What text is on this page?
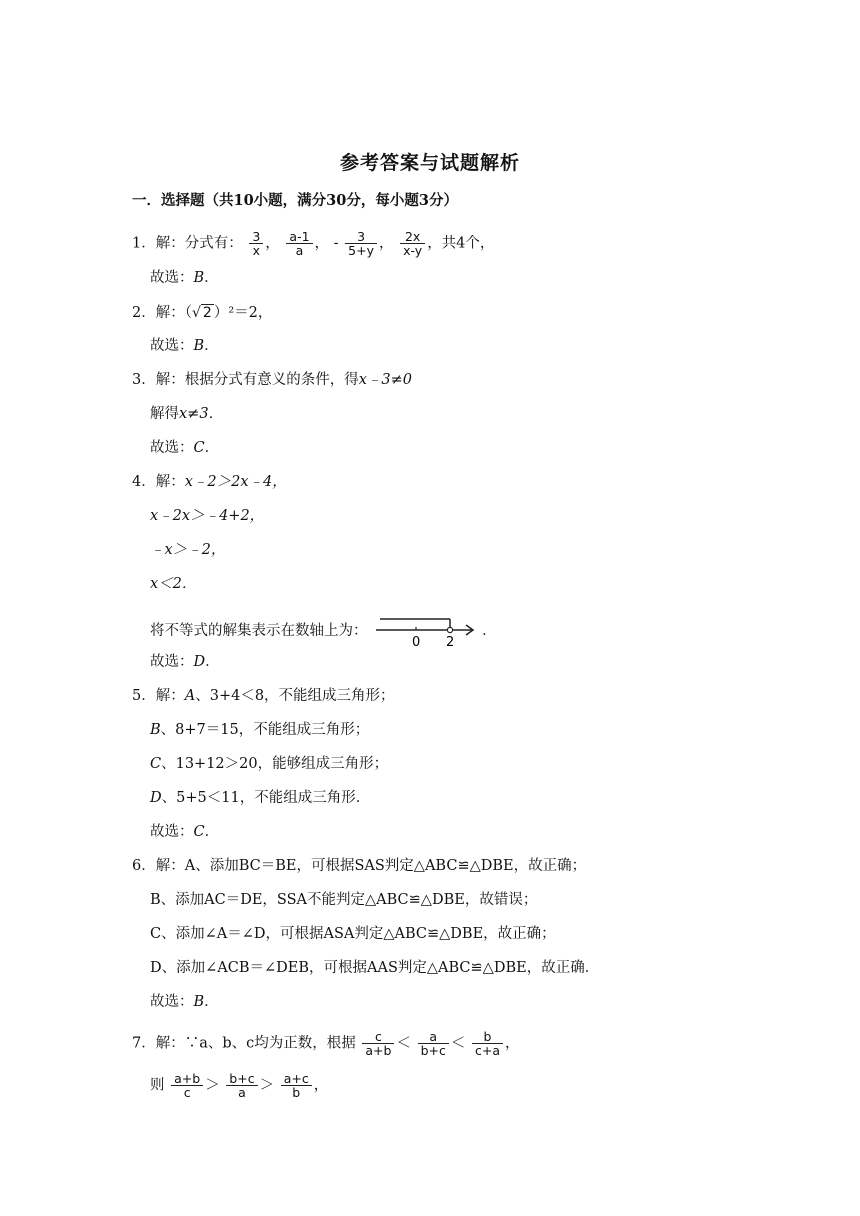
参考答案与试题解析
一．选择题（共10小题，满分30分，每小题3分）
1．解：分式有： $\frac{3}{x}$ ， $\frac{a-1}{a}$ ， - $\frac{3}{5+y}$ ， $\frac{2x}{x-y}$ ，共4个，
故选：B．
2．解：（√ 2 ）²＝2，
故选：B．
3．解：根据分式有意义的条件，得x﹣3≠0
解得x≠3．
故选：C．
4．解：x﹣2＞2x﹣4，
x﹣2x＞﹣4+2，
﹣x＞﹣2，
x＜2．
将不等式的解集表示在数轴上为：
0 2
．
故选：D．
5．解：A、3+4＜8，不能组成三角形；
B、8+7＝15，不能组成三角形；
C、13+12＞20，能够组成三角形；
D、5+5＜11，不能组成三角形．
故选：C．
6．解：A、添加BC＝BE，可根据SAS判定△ABC≌△DBE，故正确；
B、添加AC＝DE，SSA不能判定△ABC≌△DBE，故错误；
C、添加∠A＝∠D，可根据ASA判定△ABC≌△DBE，故正确；
D、添加∠ACB＝∠DEB，可根据AAS判定△ABC≌△DBE，故正确．
故选：B．
7．解：∵a、b、c均为正数，根据 $\frac{c}{a+b} < \frac{a}{b+c} < \frac{b}{c+a}$ ，
则 $\frac{a+b}{c} > \frac{b+c}{a} > \frac{a+c}{b}$ ，
